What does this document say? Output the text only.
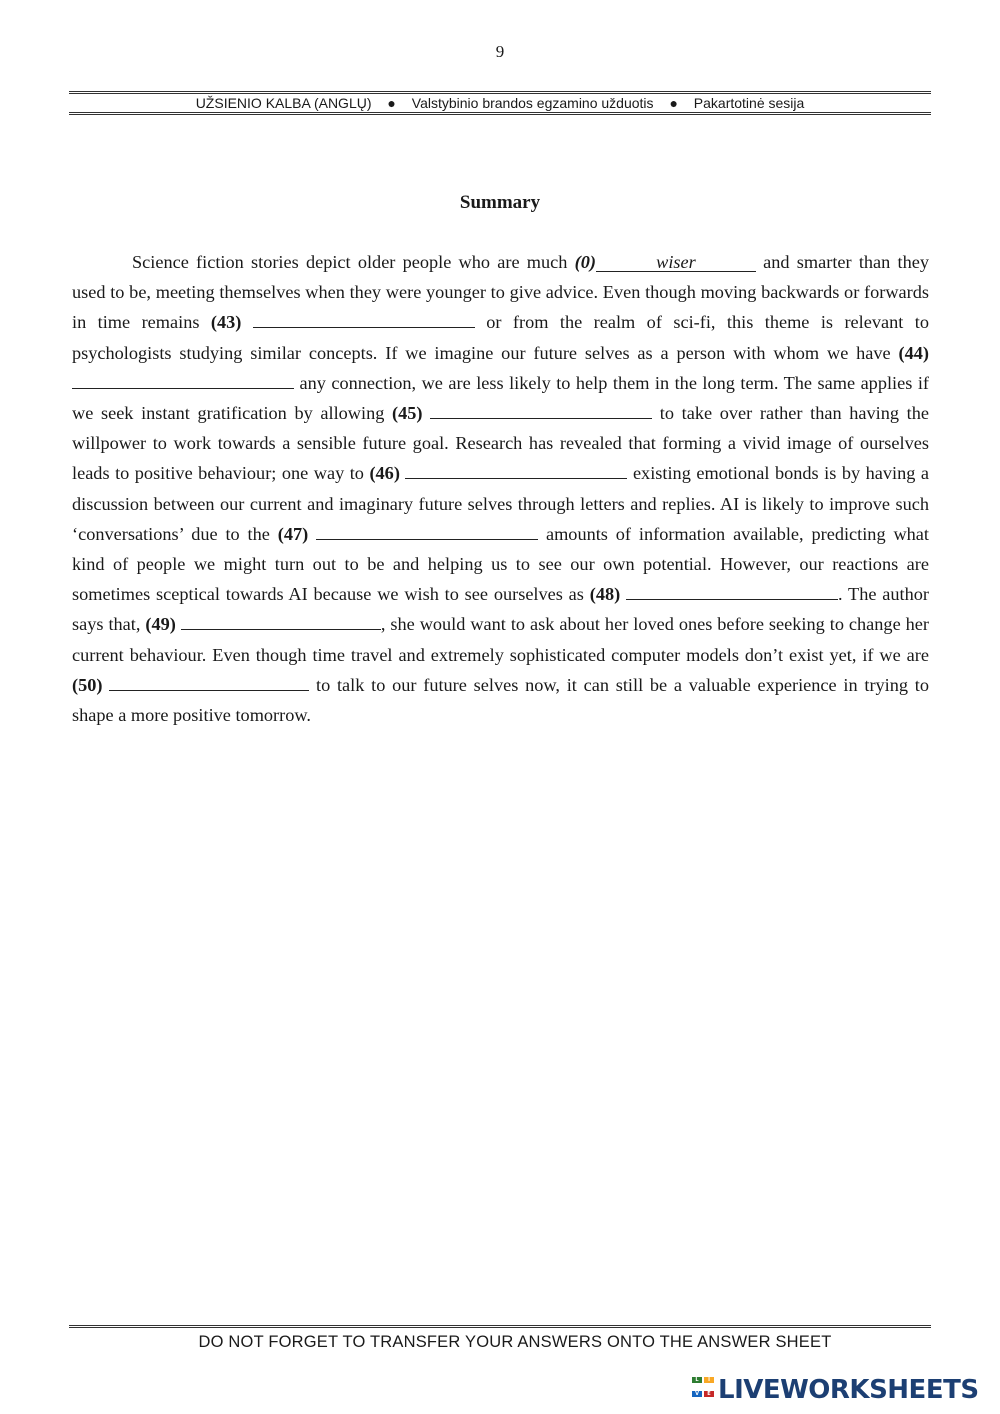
9
UŽSIENIO KALBA (ANGLŲ) ● Valstybinio brandos egzamino užduotis ● Pakartotinė sesija
Summary

Science fiction stories depict older people who are much (0)	wiser	and smarter than they used to be, meeting themselves when they were younger to give advice. Even though moving backwards or forwards in time remains (43)	or from the realm of sci-fi, this theme is relevant to psychologists studying similar concepts. If we imagine our future selves as a person with whom we have (44)  any connection, we are less likely to help them in the long term. The same applies if we seek instant gratification by allowing (45)	to take over rather than having the willpower to work towards a sensible future goal. Research has revealed that forming a vivid image of ourselves leads to positive behaviour; one way to (46)	existing emotional bonds is by having a discussion between our current and imaginary future selves through letters and replies. AI is likely to improve such ‘conversations’ due to the (47)	amounts of information available, predicting what kind of people we might turn out to be and helping us to see our own potential. However, our reactions are sometimes sceptical towards AI because we wish to see ourselves as (48)	. The author says that, (49)	, she would want to ask about her loved ones before seeking to change her current behaviour. Even though time travel and extremely sophisticated computer models don’t exist yet, if we are (50)	to talk to our future selves now, it can still be a valuable experience in trying to shape a more positive tomorrow.

DO NOT FORGET TO TRANSFER YOUR ANSWERS ONTO THE ANSWER SHEET
L	I
V	E LIVEWORKSHEETS
